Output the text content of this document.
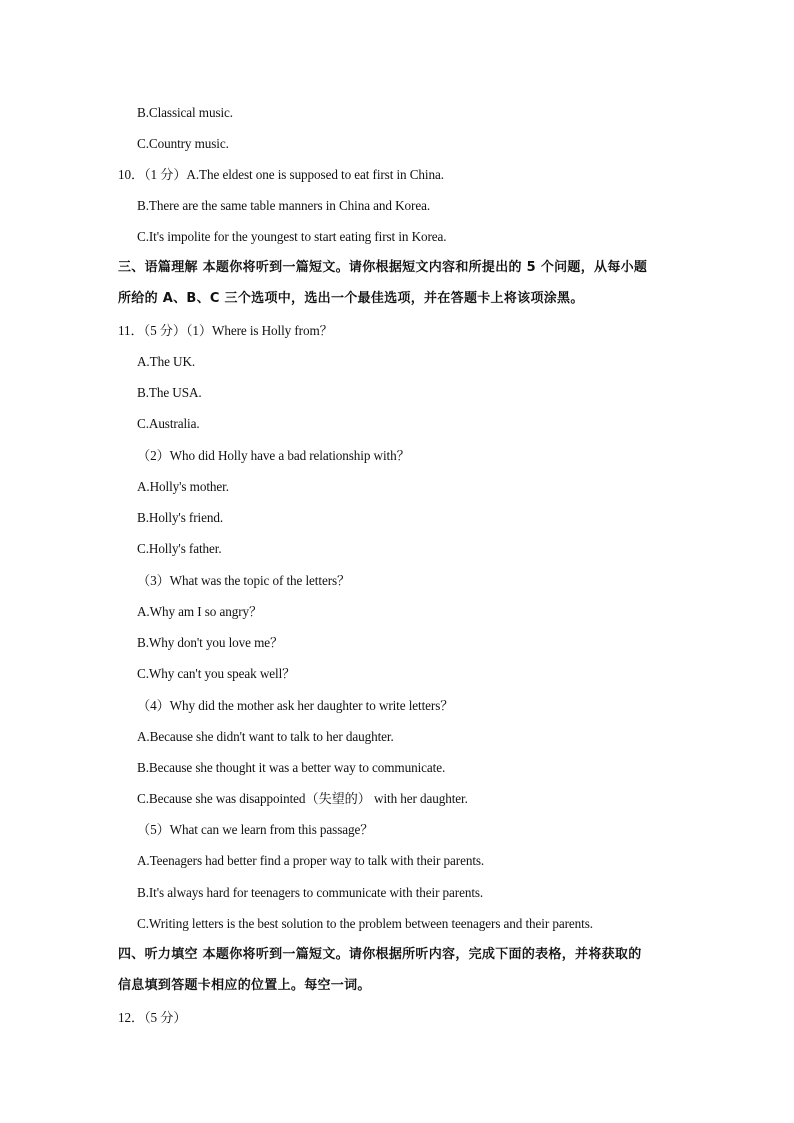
B.Classical music.
C.Country music.
10．（1 分）A.The eldest one is supposed to eat first in China.
B.There are the same table manners in China and Korea.
C.It's impolite for the youngest to start eating first in Korea.
三、语篇理解 本题你将听到一篇短文。请你根据短文内容和所提出的 5 个问题，从每小题
所给的 A、B、C 三个选项中，选出一个最佳选项，并在答题卡上将该项涂黑。
11．（5 分）（1）Where is Holly from？
A.The UK.
B.The USA.
C.Australia.
（2）Who did Holly have a bad relationship with？
A.Holly's mother.
B.Holly's friend.
C.Holly's father.
（3）What was the topic of the letters？
A.Why am I so angry？
B.Why don't you love me？
C.Why can't you speak well？
（4）Why did the mother ask her daughter to write letters？
A.Because she didn't want to talk to her daughter.
B.Because she thought it was a better way to communicate.
C.Because she was disappointed（失望的） with her daughter.
（5）What can we learn from this passage？
A.Teenagers had better find a proper way to talk with their parents.
B.It's always hard for teenagers to communicate with their parents.
C.Writing letters is the best solution to the problem between teenagers and their parents.
四、听力填空 本题你将听到一篇短文。请你根据所听内容，完成下面的表格，并将获取的
信息填到答题卡相应的位置上。每空一词。
12．（5 分）
